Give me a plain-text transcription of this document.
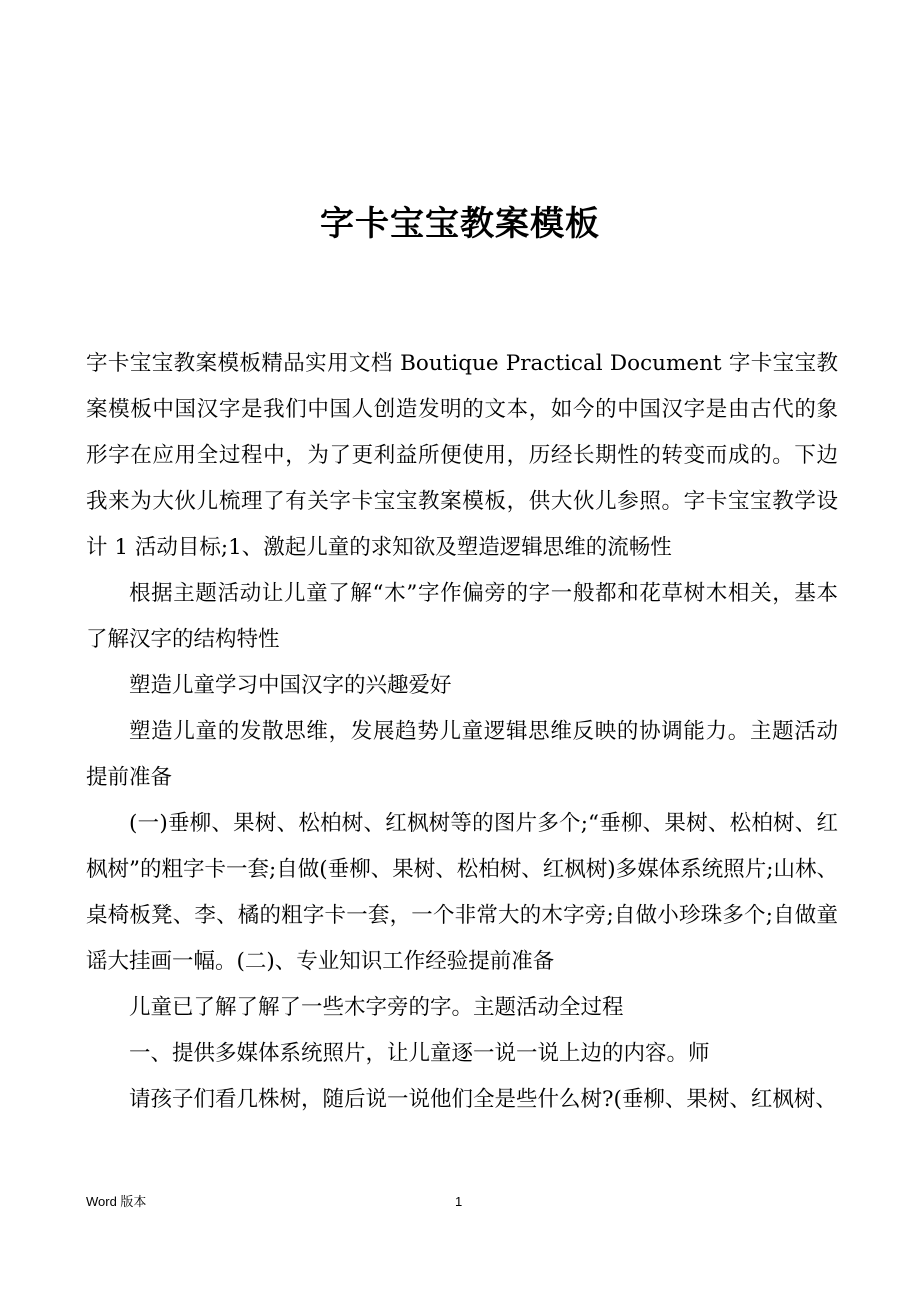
字卡宝宝教案模板

字卡宝宝教案模板精品实用文档 Boutique Practical Document 字卡宝宝教案模板中国汉字是我们中国人创造发明的文本，如今的中国汉字是由古代的象形字在应用全过程中，为了更利益所便使用，历经长期性的转变而成的。下边我来为大伙儿梳理了有关字卡宝宝教案模板，供大伙儿参照。字卡宝宝教学设计 1 活动目标;1、激起儿童的求知欲及塑造逻辑思维的流畅性

根据主题活动让儿童了解“木”字作偏旁的字一般都和花草树木相关，基本了解汉字的结构特性

塑造儿童学习中国汉字的兴趣爱好

塑造儿童的发散思维，发展趋势儿童逻辑思维反映的协调能力。主题活动提前准备

(一)垂柳、果树、松柏树、红枫树等的图片多个;“垂柳、果树、松柏树、红枫树”的粗字卡一套;自做(垂柳、果树、松柏树、红枫树)多媒体系统照片;山林、桌椅板凳、李、橘的粗字卡一套，一个非常大的木字旁;自做小珍珠多个;自做童谣大挂画一幅。(二)、专业知识工作经验提前准备

儿童已了解了解了一些木字旁的字。主题活动全过程

一、提供多媒体系统照片，让儿童逐一说一说上边的内容。师

请孩子们看几株树，随后说一说他们全是些什么树?(垂柳、果树、红枫树、

Word 版本	1
